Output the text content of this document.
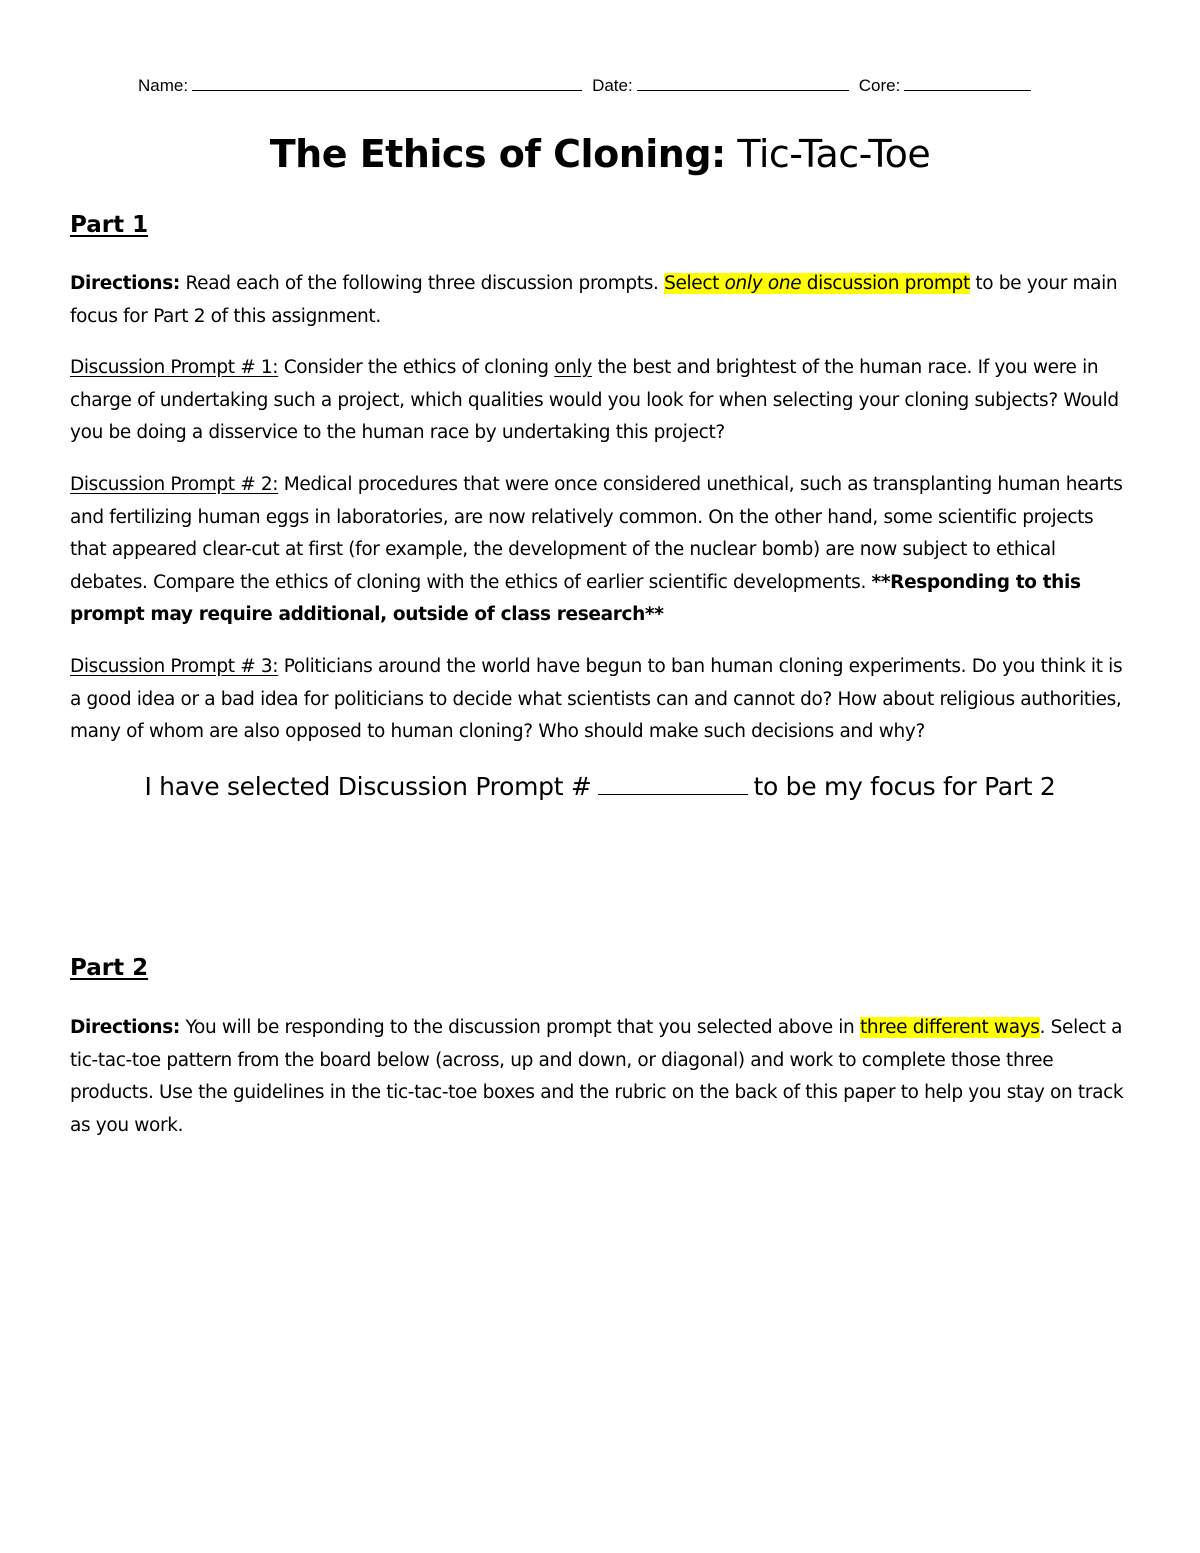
Name:	Date:	Core:
The Ethics of Cloning: Tic-Tac-Toe
Part 1
Directions: Read each of the following three discussion prompts. Select only one discussion prompt to be your main focus for Part 2 of this assignment.
Discussion Prompt # 1: Consider the ethics of cloning only the best and brightest of the human race. If you were in charge of undertaking such a project, which qualities would you look for when selecting your cloning subjects? Would you be doing a disservice to the human race by undertaking this project?
Discussion Prompt # 2: Medical procedures that were once considered unethical, such as transplanting human hearts and fertilizing human eggs in laboratories, are now relatively common. On the other hand, some scientific projects that appeared clear-cut at first (for example, the development of the nuclear bomb) are now subject to ethical debates. Compare the ethics of cloning with the ethics of earlier scientific developments. **Responding to this prompt may require additional, outside of class research**
Discussion Prompt # 3: Politicians around the world have begun to ban human cloning experiments. Do you think it is a good idea or a bad idea for politicians to decide what scientists can and cannot do? How about religious authorities, many of whom are also opposed to human cloning? Who should make such decisions and why?
I have selected Discussion Prompt #	to be my focus for Part 2
Part 2
Directions: You will be responding to the discussion prompt that you selected above in three different ways. Select a tic-tac-toe pattern from the board below (across, up and down, or diagonal) and work to complete those three products. Use the guidelines in the tic-tac-toe boxes and the rubric on the back of this paper to help you stay on track as you work.
